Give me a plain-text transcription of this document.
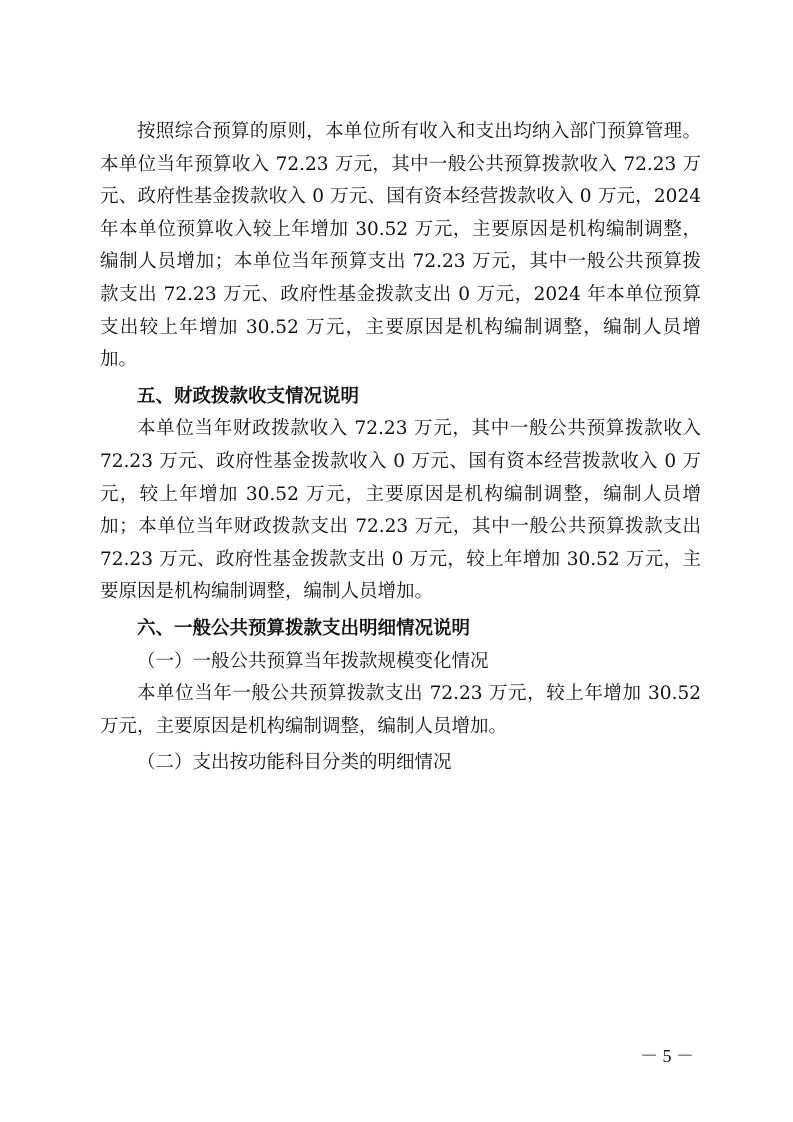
按照综合预算的原则，本单位所有收入和支出均纳入部门预算管理。本单位当年预算收入 72.23 万元，其中一般公共预算拨款收入 72.23 万元、政府性基金拨款收入 0 万元、国有资本经营拨款收入 0 万元，2024 年本单位预算收入较上年增加 30.52 万元，主要原因是机构编制调整，编制人员增加；本单位当年预算支出 72.23 万元，其中一般公共预算拨款支出 72.23 万元、政府性基金拨款支出 0 万元，2024 年本单位预算支出较上年增加 30.52 万元，主要原因是机构编制调整，编制人员增加。

五、财政拨款收支情况说明

本单位当年财政拨款收入 72.23 万元，其中一般公共预算拨款收入 72.23 万元、政府性基金拨款收入 0 万元、国有资本经营拨款收入 0 万元，较上年增加 30.52 万元，主要原因是机构编制调整，编制人员增加；本单位当年财政拨款支出 72.23 万元，其中一般公共预算拨款支出 72.23 万元、政府性基金拨款支出 0 万元，较上年增加 30.52 万元，主要原因是机构编制调整，编制人员增加。

六、一般公共预算拨款支出明细情况说明

（一）一般公共预算当年拨款规模变化情况

本单位当年一般公共预算拨款支出 72.23 万元，较上年增加 30.52 万元，主要原因是机构编制调整，编制人员增加。

（二）支出按功能科目分类的明细情况

－ 5 －
